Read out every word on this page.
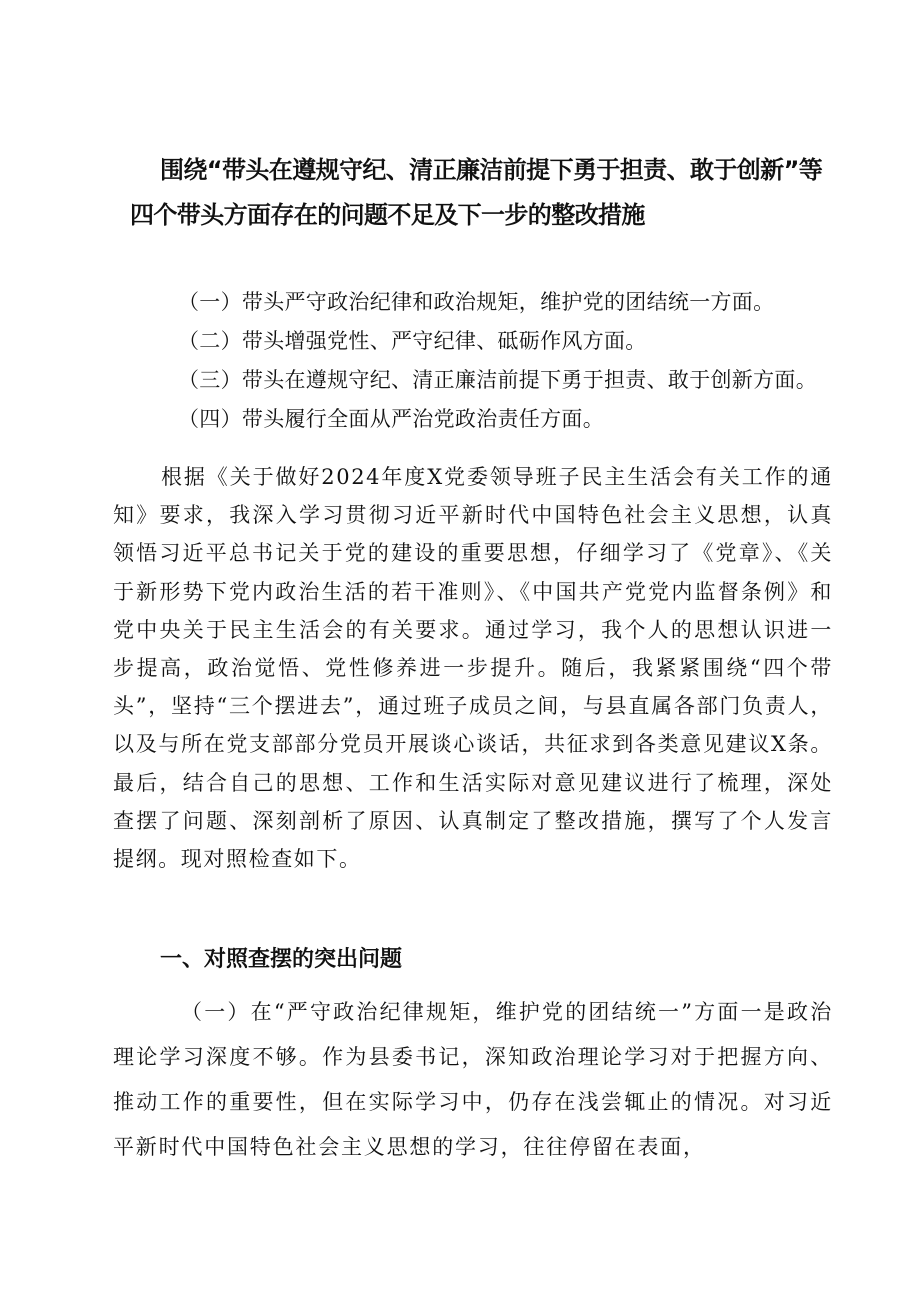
围绕“带头在遵规守纪、清正廉洁前提下勇于担责、敢于创新”等
四个带头方面存在的问题不足及下一步的整改措施
（一）带头严守政治纪律和政治规矩，维护党的团结统一方面。
（二）带头增强党性、严守纪律、砥砺作风方面。
（三）带头在遵规守纪、清正廉洁前提下勇于担责、敢于创新方面。
（四）带头履行全面从严治党政治责任方面。

根据《关于做好2024年度X党委领导班子民主生活会有关工作的通知》要求，我深入学习贯彻习近平新时代中国特色社会主义思想，认真领悟习近平总书记关于党的建设的重要思想，仔细学习了《党章》、《关于新形势下党内政治生活的若干准则》、《中国共产党党内监督条例》和党中央关于民主生活会的有关要求。通过学习，我个人的思想认识进一步提高，政治觉悟、党性修养进一步提升。随后，我紧紧围绕“四个带头”，坚持“三个摆进去”，通过班子成员之间，与县直属各部门负责人，以及与所在党支部部分党员开展谈心谈话，共征求到各类意见建议X条。最后，结合自己的思想、工作和生活实际对意见建议进行了梳理，深处查摆了问题、深刻剖析了原因、认真制定了整改措施，撰写了个人发言提纲。现对照检查如下。

一、对照查摆的突出问题

（一）在“严守政治纪律规矩，维护党的团结统一”方面一是政治理论学习深度不够。作为县委书记，深知政治理论学习对于把握方向、推动工作的重要性，但在实际学习中，仍存在浅尝辄止的情况。对习近平新时代中国特色社会主义思想的学习，往往停留在表面，
